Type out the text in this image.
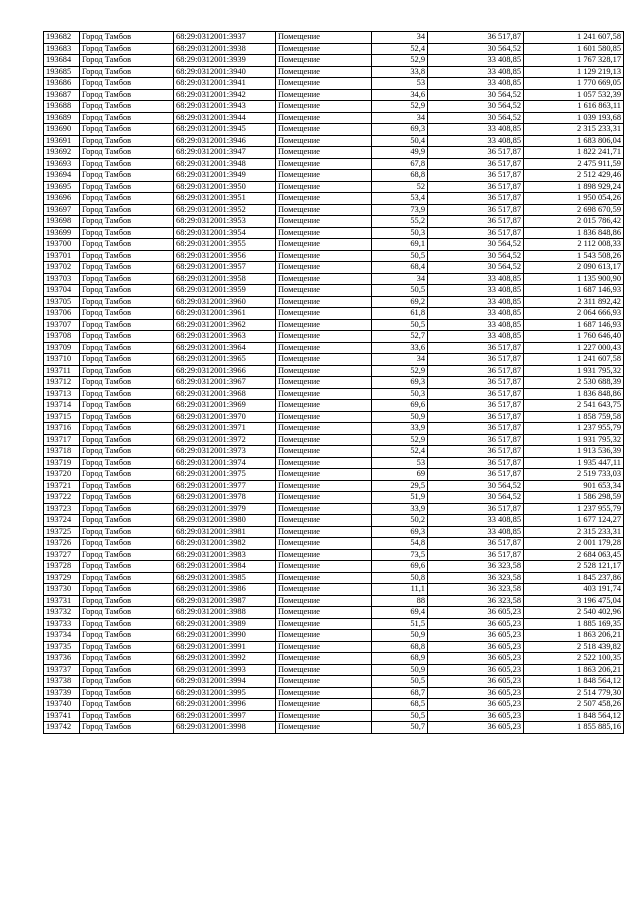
193682	Город Тамбов	68:29:0312001:3937	Помещение	34	36 517,87	1 241 607,58
193683	Город Тамбов	68:29:0312001:3938	Помещение	52,4	30 564,52	1 601 580,85
193684	Город Тамбов	68:29:0312001:3939	Помещение	52,9	33 408,85	1 767 328,17
193685	Город Тамбов	68:29:0312001:3940	Помещение	33,8	33 408,85	1 129 219,13
193686	Город Тамбов	68:29:0312001:3941	Помещение	53	33 408,85	1 770 669,05
193687	Город Тамбов	68:29:0312001:3942	Помещение	34,6	30 564,52	1 057 532,39
193688	Город Тамбов	68:29:0312001:3943	Помещение	52,9	30 564,52	1 616 863,11
193689	Город Тамбов	68:29:0312001:3944	Помещение	34	30 564,52	1 039 193,68
193690	Город Тамбов	68:29:0312001:3945	Помещение	69,3	33 408,85	2 315 233,31
193691	Город Тамбов	68:29:0312001:3946	Помещение	50,4	33 408,85	1 683 806,04
193692	Город Тамбов	68:29:0312001:3947	Помещение	49,9	36 517,87	1 822 241,71
193693	Город Тамбов	68:29:0312001:3948	Помещение	67,8	36 517,87	2 475 911,59
193694	Город Тамбов	68:29:0312001:3949	Помещение	68,8	36 517,87	2 512 429,46
193695	Город Тамбов	68:29:0312001:3950	Помещение	52	36 517,87	1 898 929,24
193696	Город Тамбов	68:29:0312001:3951	Помещение	53,4	36 517,87	1 950 054,26
193697	Город Тамбов	68:29:0312001:3952	Помещение	73,9	36 517,87	2 698 670,59
193698	Город Тамбов	68:29:0312001:3953	Помещение	55,2	36 517,87	2 015 786,42
193699	Город Тамбов	68:29:0312001:3954	Помещение	50,3	36 517,87	1 836 848,86
193700	Город Тамбов	68:29:0312001:3955	Помещение	69,1	30 564,52	2 112 008,33
193701	Город Тамбов	68:29:0312001:3956	Помещение	50,5	30 564,52	1 543 508,26
193702	Город Тамбов	68:29:0312001:3957	Помещение	68,4	30 564,52	2 090 613,17
193703	Город Тамбов	68:29:0312001:3958	Помещение	34	33 408,85	1 135 900,90
193704	Город Тамбов	68:29:0312001:3959	Помещение	50,5	33 408,85	1 687 146,93
193705	Город Тамбов	68:29:0312001:3960	Помещение	69,2	33 408,85	2 311 892,42
193706	Город Тамбов	68:29:0312001:3961	Помещение	61,8	33 408,85	2 064 666,93
193707	Город Тамбов	68:29:0312001:3962	Помещение	50,5	33 408,85	1 687 146,93
193708	Город Тамбов	68:29:0312001:3963	Помещение	52,7	33 408,85	1 760 646,40
193709	Город Тамбов	68:29:0312001:3964	Помещение	33,6	36 517,87	1 227 000,43
193710	Город Тамбов	68:29:0312001:3965	Помещение	34	36 517,87	1 241 607,58
193711	Город Тамбов	68:29:0312001:3966	Помещение	52,9	36 517,87	1 931 795,32
193712	Город Тамбов	68:29:0312001:3967	Помещение	69,3	36 517,87	2 530 688,39
193713	Город Тамбов	68:29:0312001:3968	Помещение	50,3	36 517,87	1 836 848,86
193714	Город Тамбов	68:29:0312001:3969	Помещение	69,6	36 517,87	2 541 643,75
193715	Город Тамбов	68:29:0312001:3970	Помещение	50,9	36 517,87	1 858 759,58
193716	Город Тамбов	68:29:0312001:3971	Помещение	33,9	36 517,87	1 237 955,79
193717	Город Тамбов	68:29:0312001:3972	Помещение	52,9	36 517,87	1 931 795,32
193718	Город Тамбов	68:29:0312001:3973	Помещение	52,4	36 517,87	1 913 536,39
193719	Город Тамбов	68:29:0312001:3974	Помещение	53	36 517,87	1 935 447,11
193720	Город Тамбов	68:29:0312001:3975	Помещение	69	36 517,87	2 519 733,03
193721	Город Тамбов	68:29:0312001:3977	Помещение	29,5	30 564,52	901 653,34
193722	Город Тамбов	68:29:0312001:3978	Помещение	51,9	30 564,52	1 586 298,59
193723	Город Тамбов	68:29:0312001:3979	Помещение	33,9	36 517,87	1 237 955,79
193724	Город Тамбов	68:29:0312001:3980	Помещение	50,2	33 408,85	1 677 124,27
193725	Город Тамбов	68:29:0312001:3981	Помещение	69,3	33 408,85	2 315 233,31
193726	Город Тамбов	68:29:0312001:3982	Помещение	54,8	36 517,87	2 001 179,28
193727	Город Тамбов	68:29:0312001:3983	Помещение	73,5	36 517,87	2 684 063,45
193728	Город Тамбов	68:29:0312001:3984	Помещение	69,6	36 323,58	2 528 121,17
193729	Город Тамбов	68:29:0312001:3985	Помещение	50,8	36 323,58	1 845 237,86
193730	Город Тамбов	68:29:0312001:3986	Помещение	11,1	36 323,58	403 191,74
193731	Город Тамбов	68:29:0312001:3987	Помещение	88	36 323,58	3 196 475,04
193732	Город Тамбов	68:29:0312001:3988	Помещение	69,4	36 605,23	2 540 402,96
193733	Город Тамбов	68:29:0312001:3989	Помещение	51,5	36 605,23	1 885 169,35
193734	Город Тамбов	68:29:0312001:3990	Помещение	50,9	36 605,23	1 863 206,21
193735	Город Тамбов	68:29:0312001:3991	Помещение	68,8	36 605,23	2 518 439,82
193736	Город Тамбов	68:29:0312001:3992	Помещение	68,9	36 605,23	2 522 100,35
193737	Город Тамбов	68:29:0312001:3993	Помещение	50,9	36 605,23	1 863 206,21
193738	Город Тамбов	68:29:0312001:3994	Помещение	50,5	36 605,23	1 848 564,12
193739	Город Тамбов	68:29:0312001:3995	Помещение	68,7	36 605,23	2 514 779,30
193740	Город Тамбов	68:29:0312001:3996	Помещение	68,5	36 605,23	2 507 458,26
193741	Город Тамбов	68:29:0312001:3997	Помещение	50,5	36 605,23	1 848 564,12
193742	Город Тамбов	68:29:0312001:3998	Помещение	50,7	36 605,23	1 855 885,16
